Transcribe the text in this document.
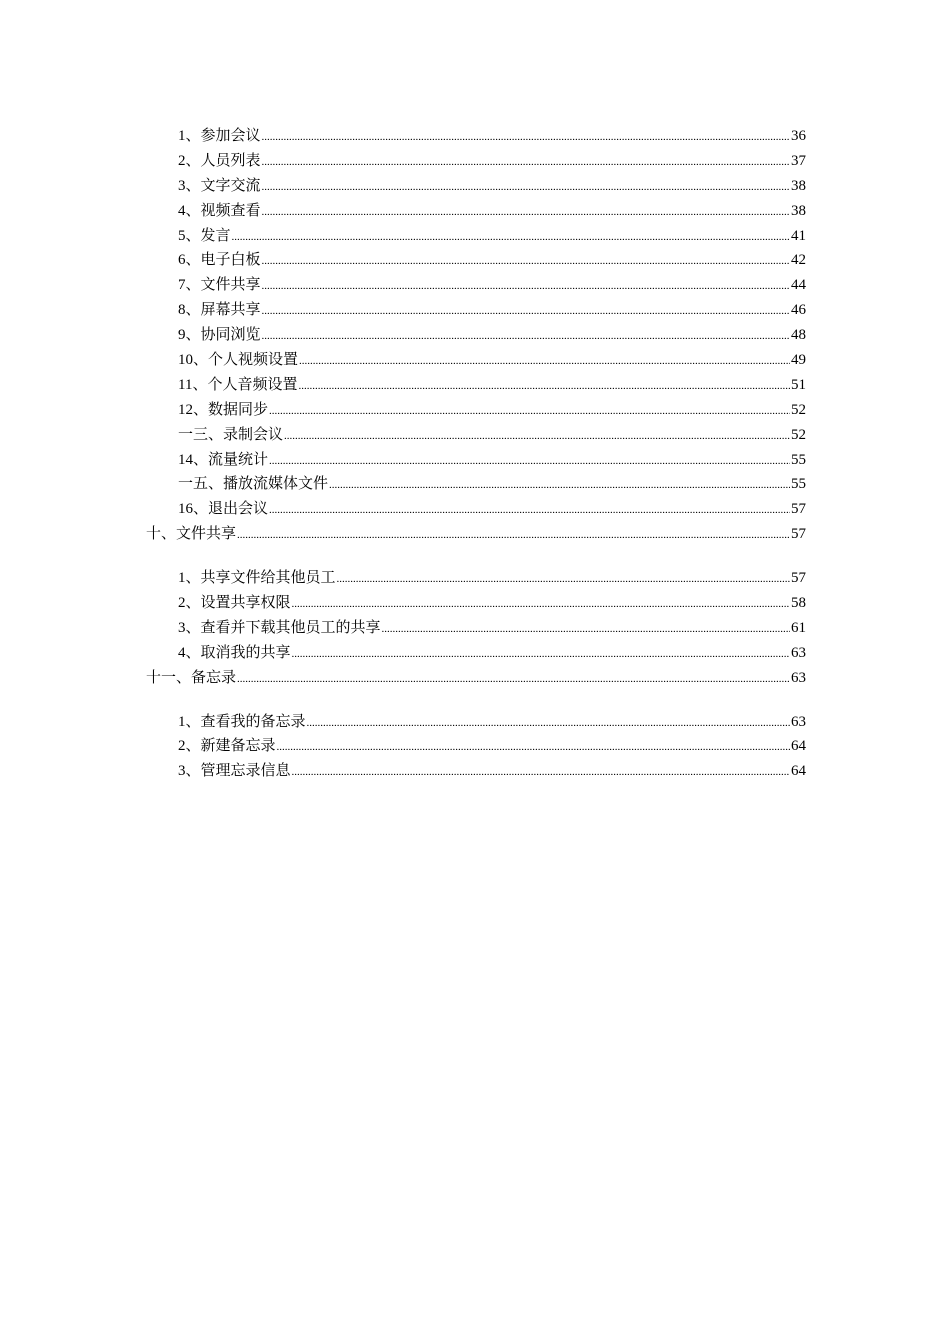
1、参加会议 .....	36
2、人员列表 .....	37
3、文字交流 .....	38
4、视频查看 .....	38
5、发言 .....	41
6、电子白板 .....	42
7、文件共享 .....	44
8、屏幕共享 .....	46
9、协同浏览 .....	48
10、个人视频设置 .....	49
11、个人音频设置 .....	51
12、数据同步 .....	52
一三、录制会议 .....	52
14、流量统计 .....	55
一五、播放流媒体文件 .....	55
16、退出会议 .....	57
十、文件共享 .....	57
1、共享文件给其他员工 .....	57
2、设置共享权限 .....	58
3、查看并下载其他员工的共享 .....	61
4、取消我的共享 .....	63
十一、备忘录 .....	63
1、查看我的备忘录 .....	63
2、新建备忘录 .....	64
3、管理忘录信息 .....	64
